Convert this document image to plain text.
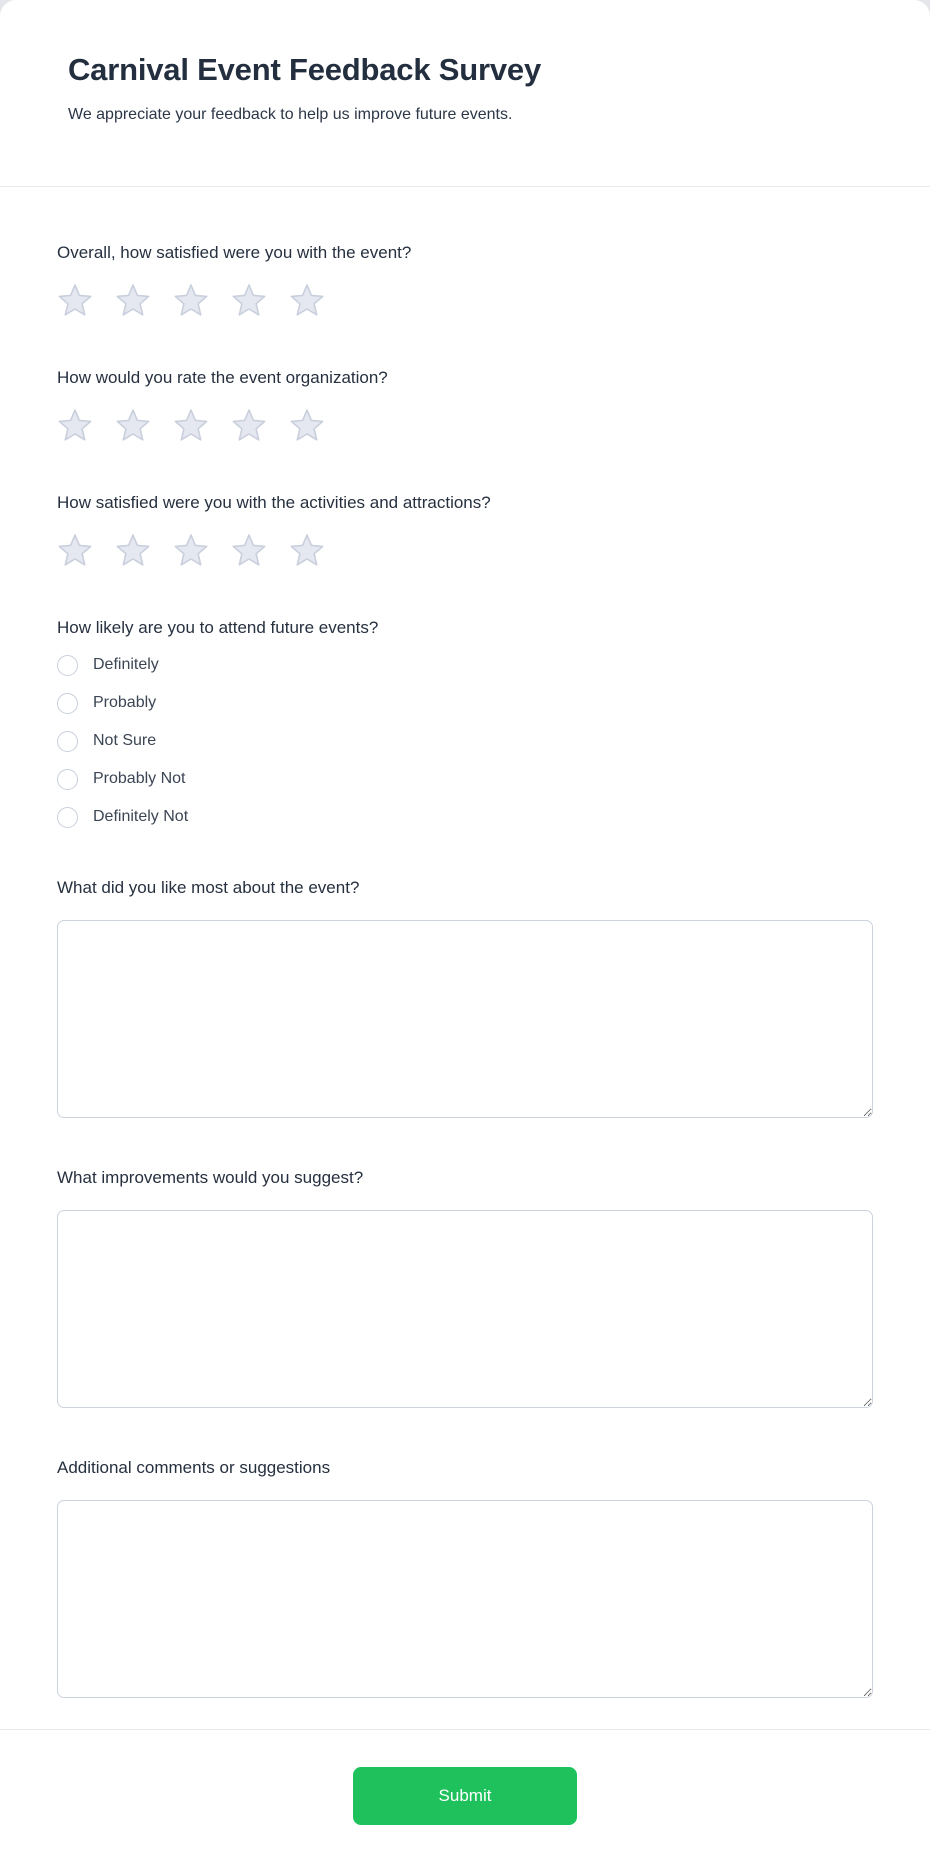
Carnival Event Feedback Survey

We appreciate your feedback to help us improve future events.

Overall, how satisfied were you with the event?
How would you rate the event organization?
How satisfied were you with the activities and attractions?
How likely are you to attend future events?
Definitely
Probably
Not Sure
Probably Not
Definitely Not
What did you like most about the event?
What improvements would you suggest?
Additional comments or suggestions
Submit
